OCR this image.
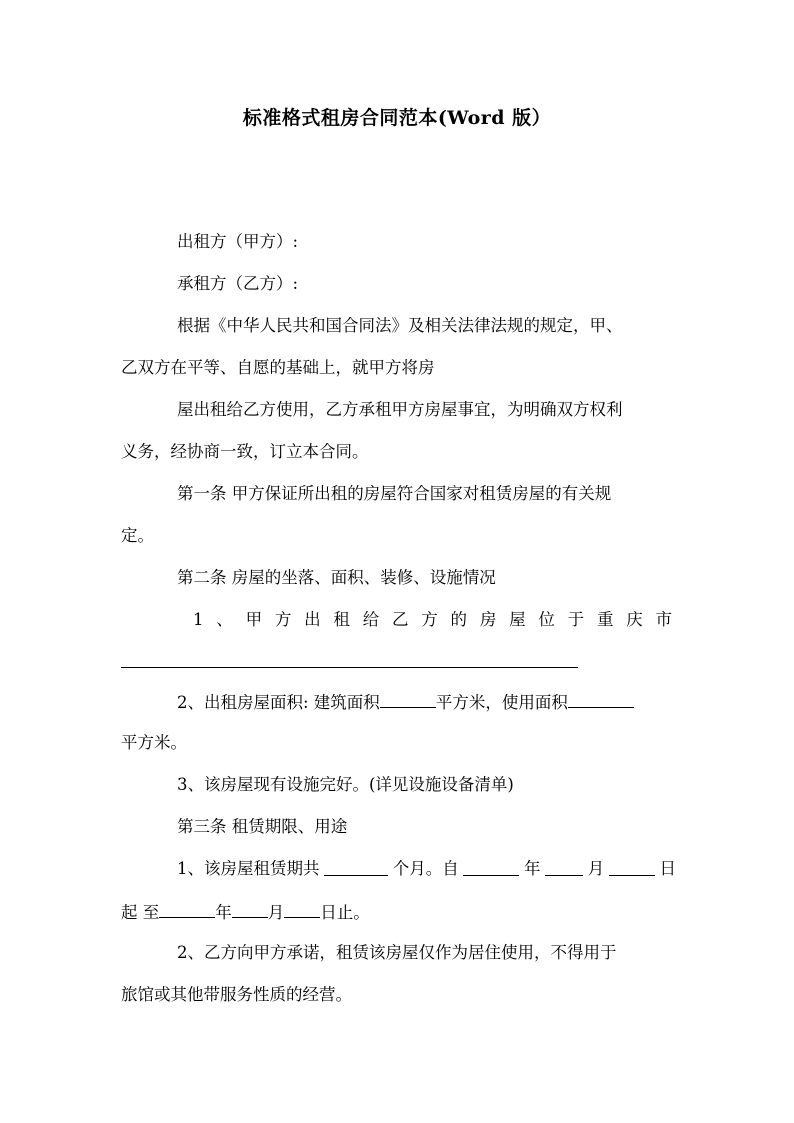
标准格式租房合同范本(Word 版）
出租方（甲方）:
承租方（乙方）:
根据《中华人民共和国合同法》及相关法律法规的规定，甲、
乙双方在平等、自愿的基础上，就甲方将房
屋出租给乙方使用，乙方承租甲方房屋事宜，为明确双方权利
义务，经协商一致，订立本合同。
第一条 甲方保证所出租的房屋符合国家对租赁房屋的有关规
定。
第二条 房屋的坐落、面积、装修、设施情况
1 、 甲 方 出 租 给 乙 方 的 房 屋 位 于 重 庆 市
2、出租房屋面积: 建筑面积	平方米，使用面积
平方米。
3、该房屋现有设施完好。(详见设施设备清单)
第三条 租赁期限、用途
1、该房屋租赁期共	个月。自	年	月	日
起 至	年 月 日止。
2、乙方向甲方承诺，租赁该房屋仅作为居住使用，不得用于
旅馆或其他带服务性质的经营。
